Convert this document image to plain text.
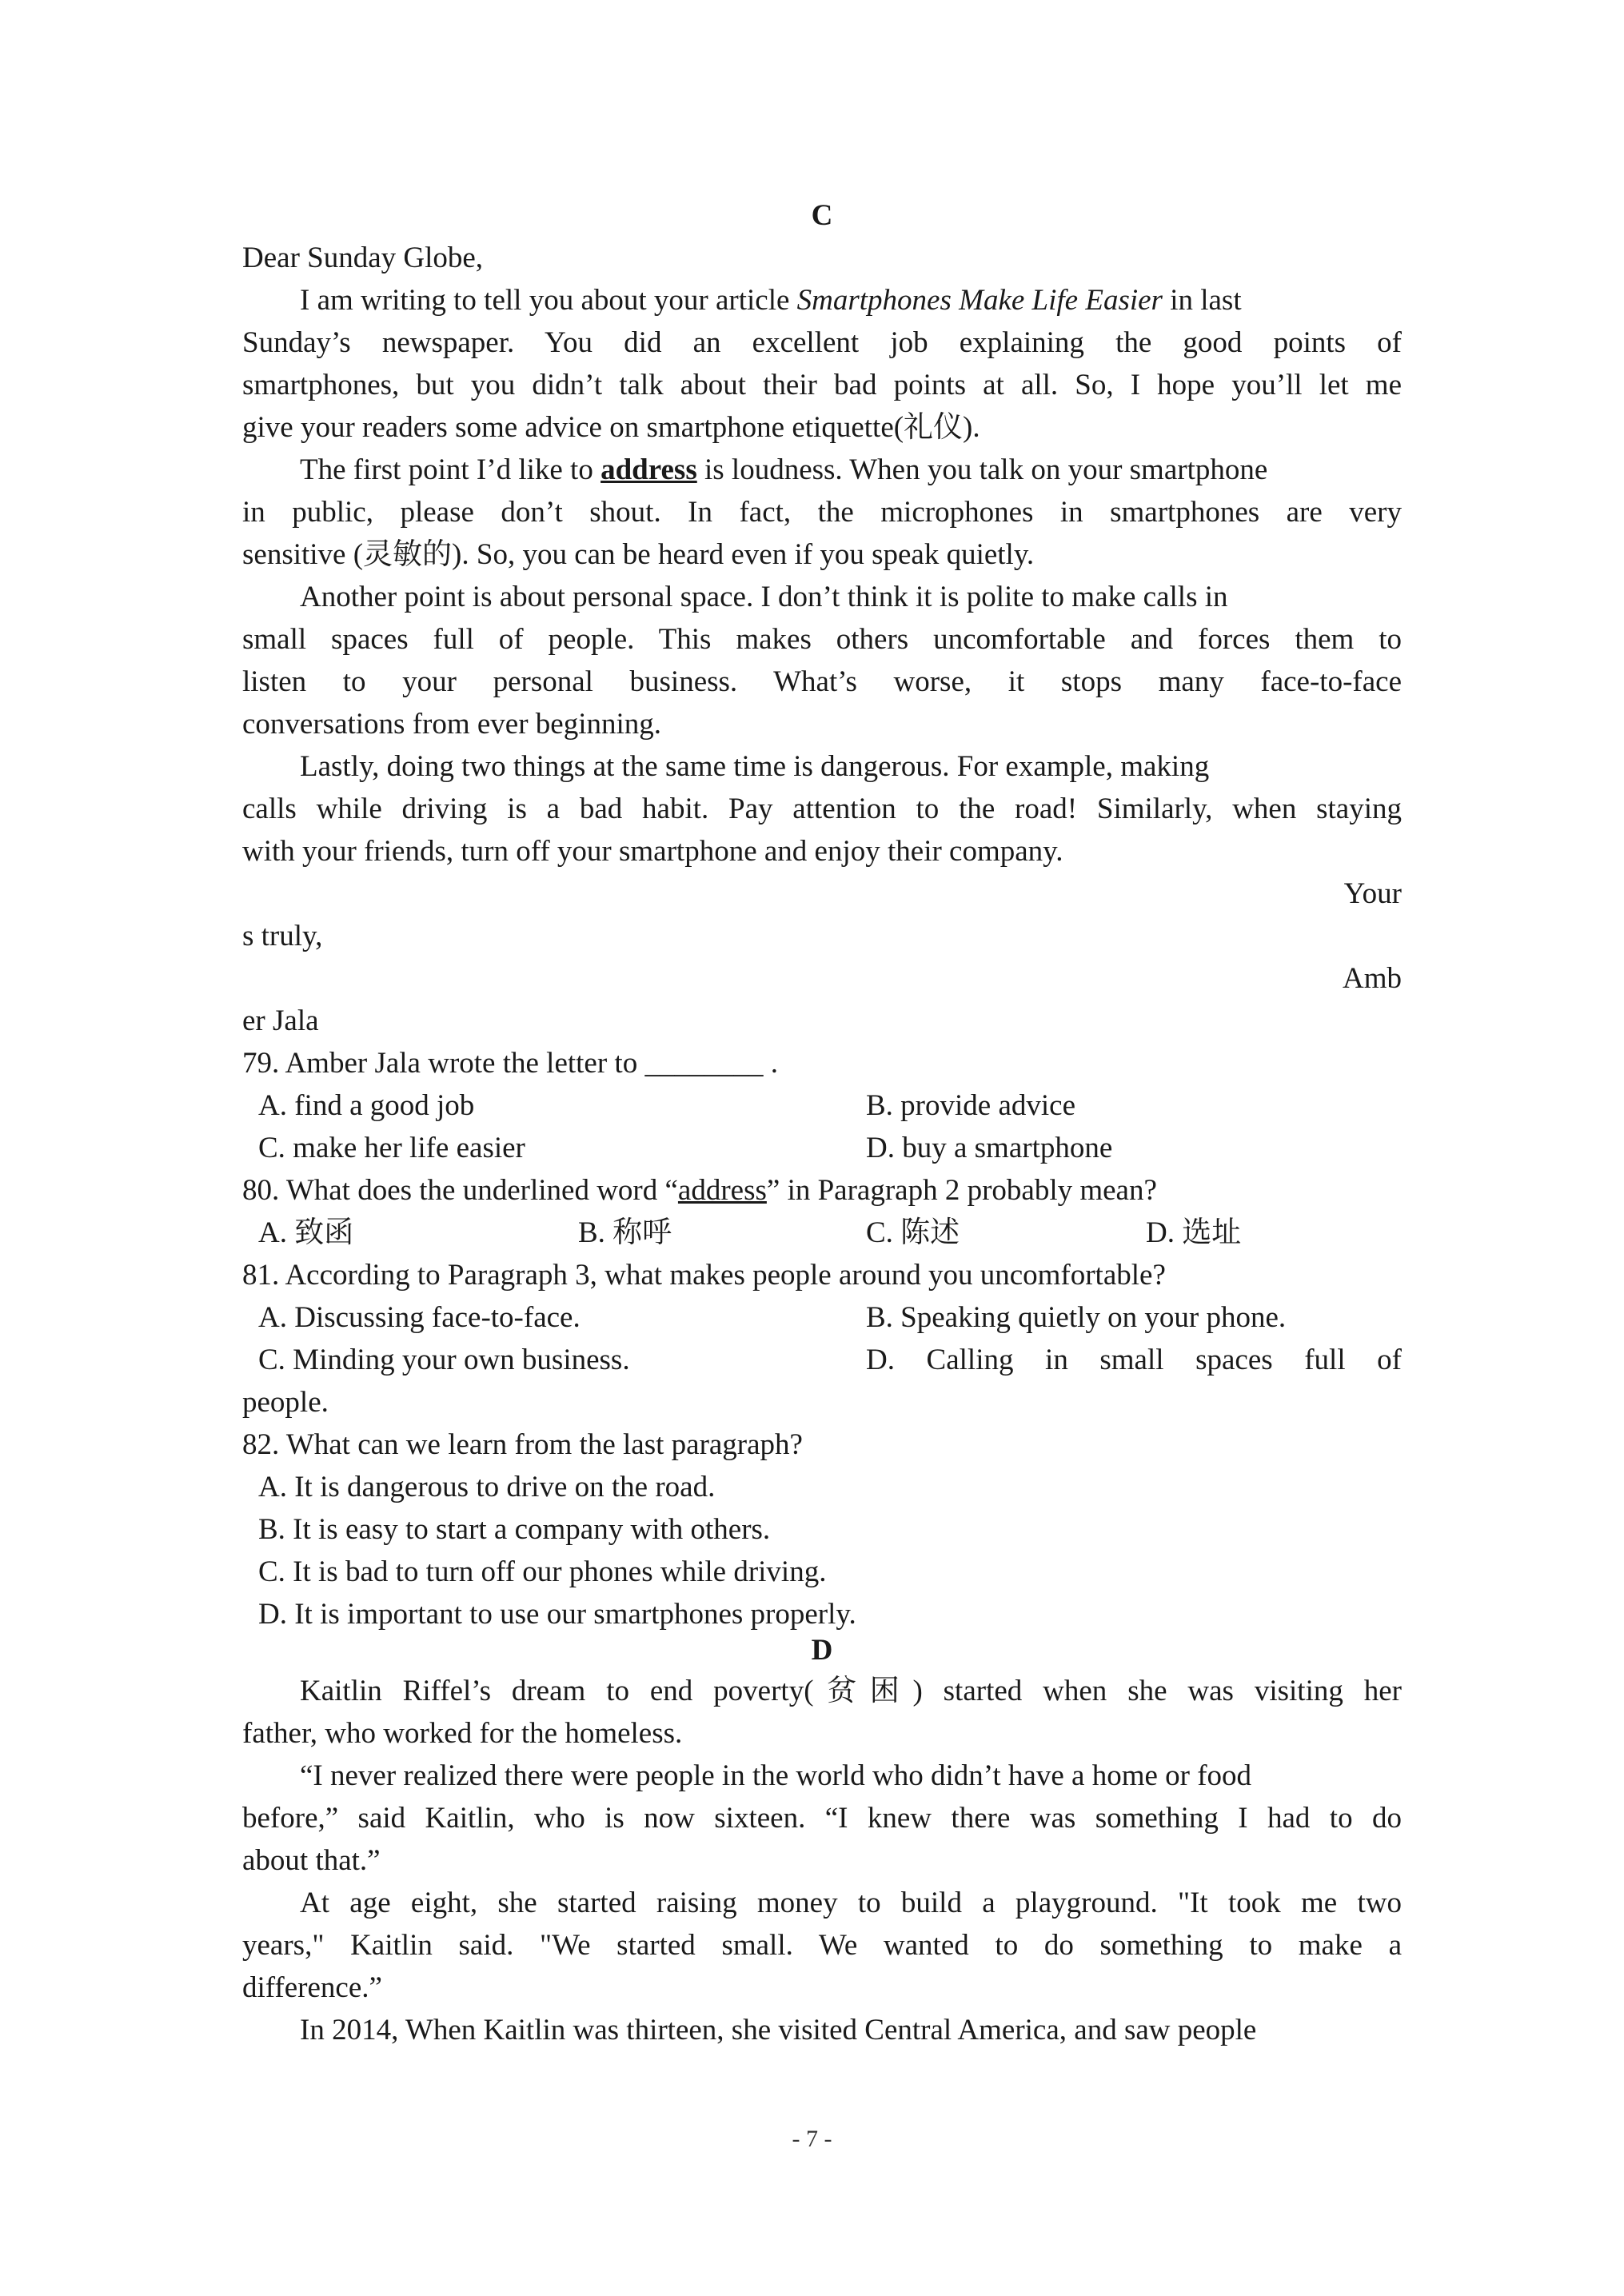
C
Dear Sunday Globe,
I am writing to tell you about your article Smartphones Make Life Easier in last
Sunday’s newspaper. You did an excellent job explaining the good points of
smartphones, but you didn’t talk about their bad points at all. So, I hope you’ll let me
give your readers some advice on smartphone etiquette(礼仪).
The first point I’d like to address is loudness. When you talk on your smartphone
in public, please don’t shout. In fact, the microphones in smartphones are very
sensitive (灵敏的). So, you can be heard even if you speak quietly.
Another point is about personal space. I don’t think it is polite to make calls in
small spaces full of people. This makes others uncomfortable and forces them to
listen to your personal business. What’s worse, it stops many face-to-face
conversations from ever beginning.
Lastly, doing two things at the same time is dangerous. For example, making
calls while driving is a bad habit. Pay attention to the road! Similarly, when staying
with your friends, turn off your smartphone and enjoy their company.
Your
s truly,
Amb
er Jala
79. Amber Jala wrote the letter to ________ .
A. find a good job	B. provide advice
C. make her life easier	D. buy a smartphone
80. What does the underlined word “address” in Paragraph 2 probably mean?
A. 致函	B. 称呼	C. 陈述	D. 选址
81. According to Paragraph 3, what makes people around you uncomfortable?
A. Discussing face-to-face.	B. Speaking quietly on your phone.
C. Minding your own business.	D. Calling in small spaces full of
people.
82. What can we learn from the last paragraph?
A. It is dangerous to drive on the road.
B. It is easy to start a company with others.
C. It is bad to turn off our phones while driving.
D. It is important to use our smartphones properly.
D
Kaitlin Riffel’s dream to end poverty(贫困) started when she was visiting her
father, who worked for the homeless.
“I never realized there were people in the world who didn’t have a home or food
before,” said Kaitlin, who is now sixteen. “I knew there was something I had to do
about that.”
At age eight, she started raising money to build a playground. "It took me two
years," Kaitlin said. "We started small. We wanted to do something to make a
difference.”
In 2014, When Kaitlin was thirteen, she visited Central America, and saw people
- 7 -
